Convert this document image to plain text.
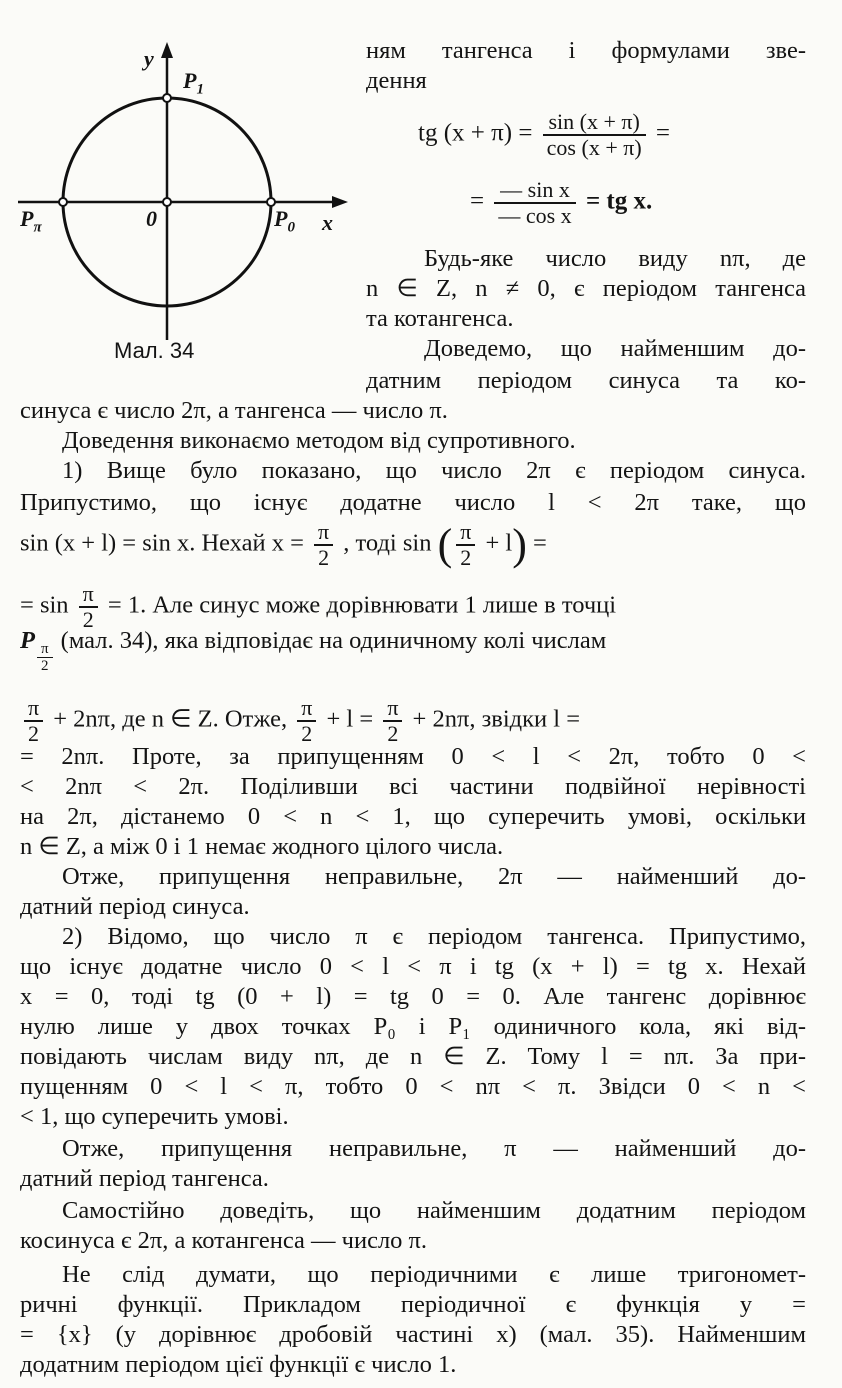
y
$P_1$
$P_\pi$	0	$P_0$ x
Мал. 34
ням тангенса і формулами зве-
дення
tg $(x + \pi) = \frac{\sin (x + \pi)}{\cos (x + \pi)}$ =
= $\frac{\text{— sin x}}{\text{— cos x}}$ = tg x.
Будь-яке число виду nπ, де
n ∈ Z, n ≠ 0, є періодом тангенса
та котангенса.
Доведемо, що найменшим до-
датним періодом синуса та ко-
синуса є число 2π, а тангенса — число π.
Доведення виконаємо методом від супротивного.
1) Вище було показано, що число 2π є періодом синуса.
Припустимо, що існує додатне число l < 2π таке, що
sin (x + l) = sin x. Нехай $x = \frac{\pi}{2}$ , тоді sin ( $\frac{\pi}{2} + l$) =
= $\sin \frac{\pi}{2} = 1$. Але синус може дорівнювати 1 лише в точці
P
$\frac{\pi}{2}$
(мал. 34), яка відповідає на одиничному колі числам
$\frac{\pi}{2} + 2n\pi$, де n ∈ Z. Отже, $\frac{\pi}{2} + l = \frac{\pi}{2} + 2n\pi$, звідки l =
= 2nπ. Проте, за припущенням 0 < l < 2π, тобто 0 <
< 2nπ < 2π. Поділивши всі частини подвійної нерівності
на 2π, дістанемо 0 < n < 1, що суперечить умові, оскільки
n ∈ Z, а між 0 і 1 немає жодного цілого числа.
Отже, припущення неправильне, 2π — найменший до-
датний період синуса.
2) Відомо, що число π є періодом тангенса. Припустимо,
що існує додатне число 0 < l < π і tg (x + l) = tg x. Нехай
x = 0, тоді tg (0 + l) = tg 0 = 0. Але тангенс дорівнює
нулю лише у двох точках P₀ і P₁ одиничного кола, які від-
повідають числам виду nπ, де n ∈ Z. Тому l = nπ. За при-
пущенням 0 < l < π, тобто 0 < nπ < π. Звідси 0 < n <
< 1, що суперечить умові.
Отже, припущення неправильне, π — найменший до-
датний період тангенса.
Самостійно доведіть, що найменшим додатним періодом
косинуса є 2π, а котангенса — число π.
Не слід думати, що періодичними є лише тригономет-
ричні функції. Прикладом періодичної є функція y =
= {x} (y дорівнює дробовій частині x) (мал. 35). Найменшим
додатним періодом цієї функції є число 1.
